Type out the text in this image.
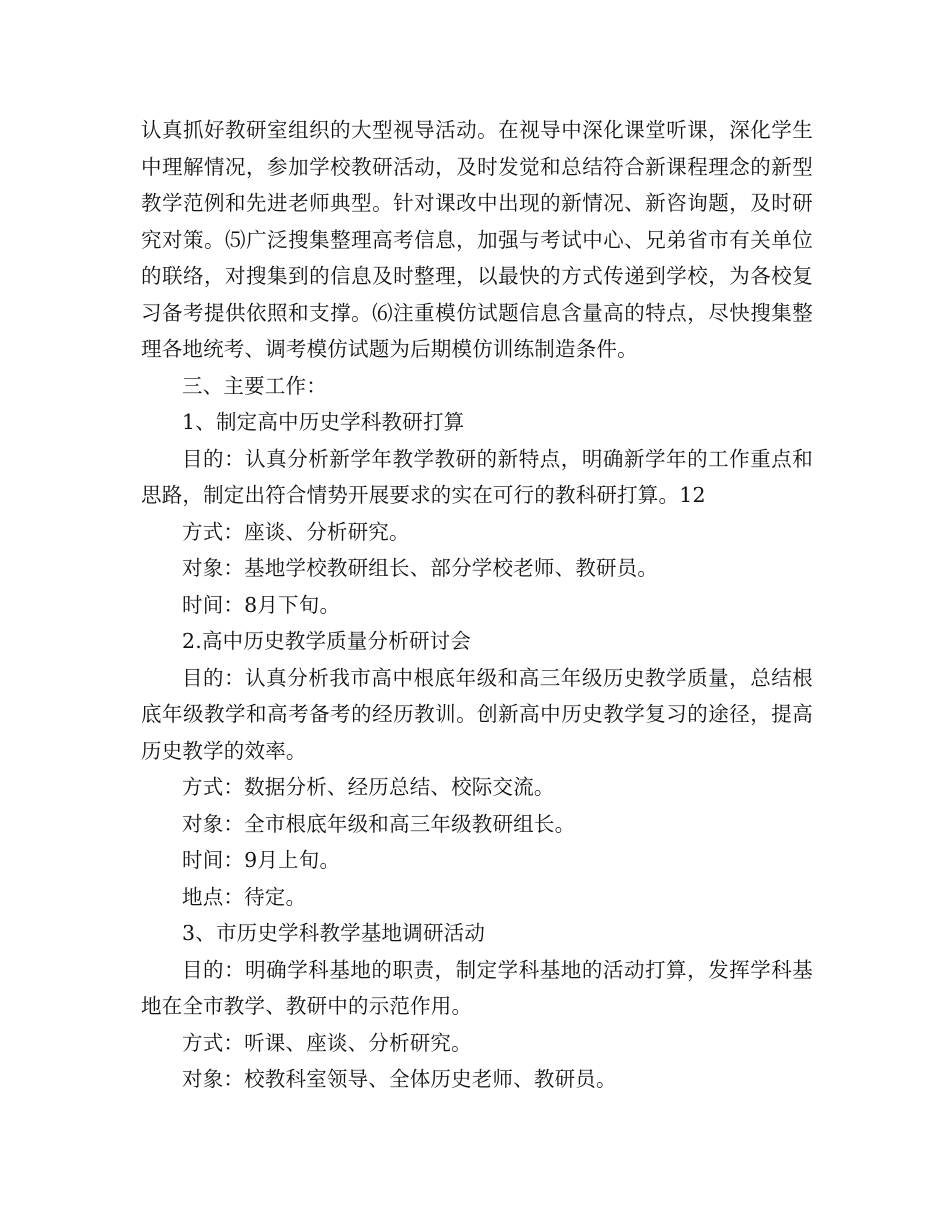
认真抓好教研室组织的大型视导活动。在视导中深化课堂听课，深化学生中理解情况，参加学校教研活动，及时发觉和总结符合新课程理念的新型教学范例和先进老师典型。针对课改中出现的新情况、新咨询题，及时研究对策。⑸广泛搜集整理高考信息，加强与考试中心、兄弟省市有关单位的联络，对搜集到的信息及时整理，以最快的方式传递到学校，为各校复习备考提供依照和支撑。⑹注重模仿试题信息含量高的特点，尽快搜集整理各地统考、调考模仿试题为后期模仿训练制造条件。

三、主要工作：

1、制定高中历史学科教研打算

目的：认真分析新学年教学教研的新特点，明确新学年的工作重点和思路，制定出符合情势开展要求的实在可行的教科研打算。12

方式：座谈、分析研究。

对象：基地学校教研组长、部分学校老师、教研员。

时间：8月下旬。

2.高中历史教学质量分析研讨会

目的：认真分析我市高中根底年级和高三年级历史教学质量，总结根底年级教学和高考备考的经历教训。创新高中历史教学复习的途径，提高历史教学的效率。

方式：数据分析、经历总结、校际交流。

对象：全市根底年级和高三年级教研组长。

时间：9月上旬。

地点：待定。

3、市历史学科教学基地调研活动

目的：明确学科基地的职责，制定学科基地的活动打算，发挥学科基地在全市教学、教研中的示范作用。

方式：听课、座谈、分析研究。

对象：校教科室领导、全体历史老师、教研员。
